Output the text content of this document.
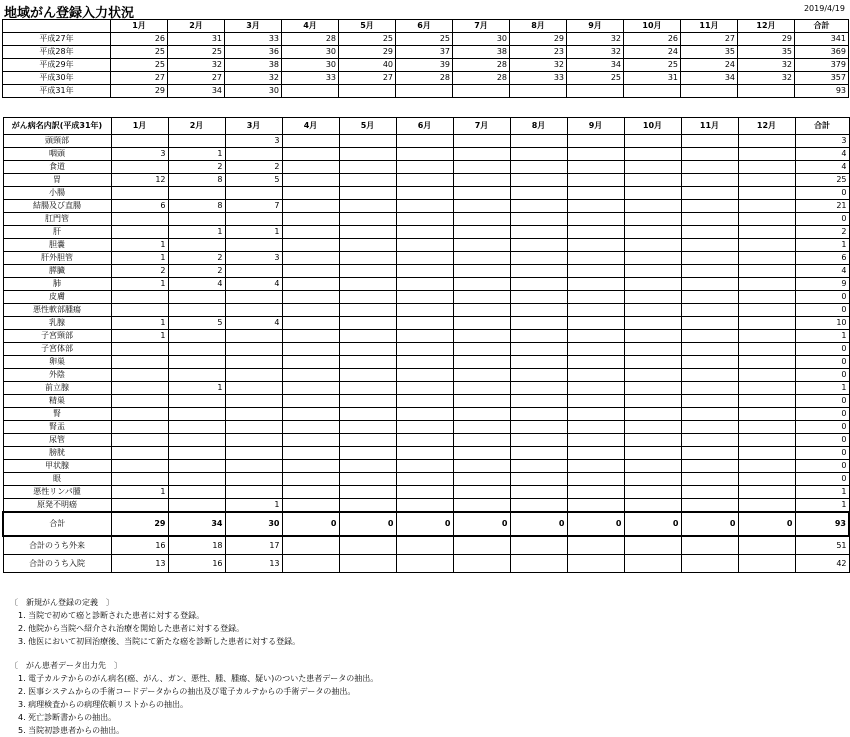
地域がん登録入力状況	2019/4/19
	1月	2月	3月	4月	5月	6月	7月	8月	9月	10月	11月	12月	合計
平成27年	26	31	33	28	25	25	30	29	32	26	27	29	341
平成28年	25	25	36	30	29	37	38	23	32	24	35	35	369
平成29年	25	32	38	30	40	39	28	32	34	25	24	32	379
平成30年	27	27	32	33	27	28	28	33	25	31	34	32	357
平成31年	29	34	30										93
がん病名内訳(平成31年)	1月	2月	3月	4月	5月	6月	7月	8月	9月	10月	11月	12月	合計
頭頸部			3										3
咽頭	3	1											4
食道		2	2										4
胃	12	8	5										25
小腸													0
結腸及び直腸	6	8	7										21
肛門管													0
肝		1	1										2
胆嚢	1												1
肝外胆管	1	2	3										6
膵臓	2	2											4
肺	1	4	4										9
皮膚													0
悪性軟部腫瘍													0
乳腺	1	5	4										10
子宮頸部	1												1
子宮体部													0
卵巣													0
外陰													0
前立腺		1											1
精巣													0
腎													0
腎盂													0
尿管													0
膀胱													0
甲状腺													0
眼													0
悪性リンパ腫	1												1
原発不明癌			1										1
合計	29	34	30	0	0	0	0	0	0	0	0	0	93
合計のうち外来	16	18	17										51
合計のうち入院	13	16	13										42
〔　新規がん登録の定義　〕
1. 当院で初めて癌と診断された患者に対する登録。
2. 他院から当院へ紹介され治療を開始した患者に対する登録。
3. 他医において初回治療後、当院にて新たな癌を診断した患者に対する登録。
〔　がん患者データ出力先　〕
1. 電子カルテからのがん病名(癌、がん、ガン、悪性、腫、腫瘍、疑い)のついた患者データの抽出。
2. 医事システムからの手術コードデータからの抽出及び電子カルテからの手術データの抽出。
3. 病理検査からの病理依頼リストからの抽出。
4. 死亡診断書からの抽出。
5. 当院初診患者からの抽出。
